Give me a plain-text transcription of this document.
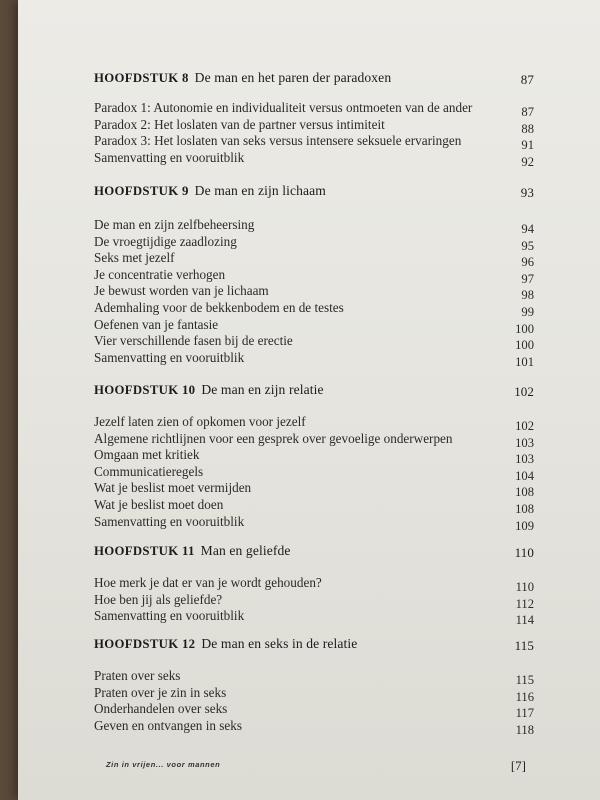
HOOFDSTUK 8 De man en het paren der paradoxen	87
Paradox 1: Autonomie en individualiteit versus ontmoeten van de ander	87
Paradox 2: Het loslaten van de partner versus intimiteit	88
Paradox 3: Het loslaten van seks versus intensere seksuele ervaringen	91
Samenvatting en vooruitblik	92
HOOFDSTUK 9 De man en zijn lichaam	93
De man en zijn zelfbeheersing	94
De vroegtijdige zaadlozing	95
Seks met jezelf	96
Je concentratie verhogen	97
Je bewust worden van je lichaam	98
Ademhaling voor de bekkenbodem en de testes	99
Oefenen van je fantasie	100
Vier verschillende fasen bij de erectie	100
Samenvatting en vooruitblik	101
HOOFDSTUK 10 De man en zijn relatie	102
Jezelf laten zien of opkomen voor jezelf	102
Algemene richtlijnen voor een gesprek over gevoelige onderwerpen	103
Omgaan met kritiek	103
Communicatieregels	104
Wat je beslist moet vermijden	108
Wat je beslist moet doen	108
Samenvatting en vooruitblik	109
HOOFDSTUK 11 Man en geliefde	110
Hoe merk je dat er van je wordt gehouden?	110
Hoe ben jij als geliefde?	112
Samenvatting en vooruitblik	114
HOOFDSTUK 12 De man en seks in de relatie	115
Praten over seks	115
Praten over je zin in seks	116
Onderhandelen over seks	117
Geven en ontvangen in seks	118
Zin in vrijen... voor mannen	[7]
